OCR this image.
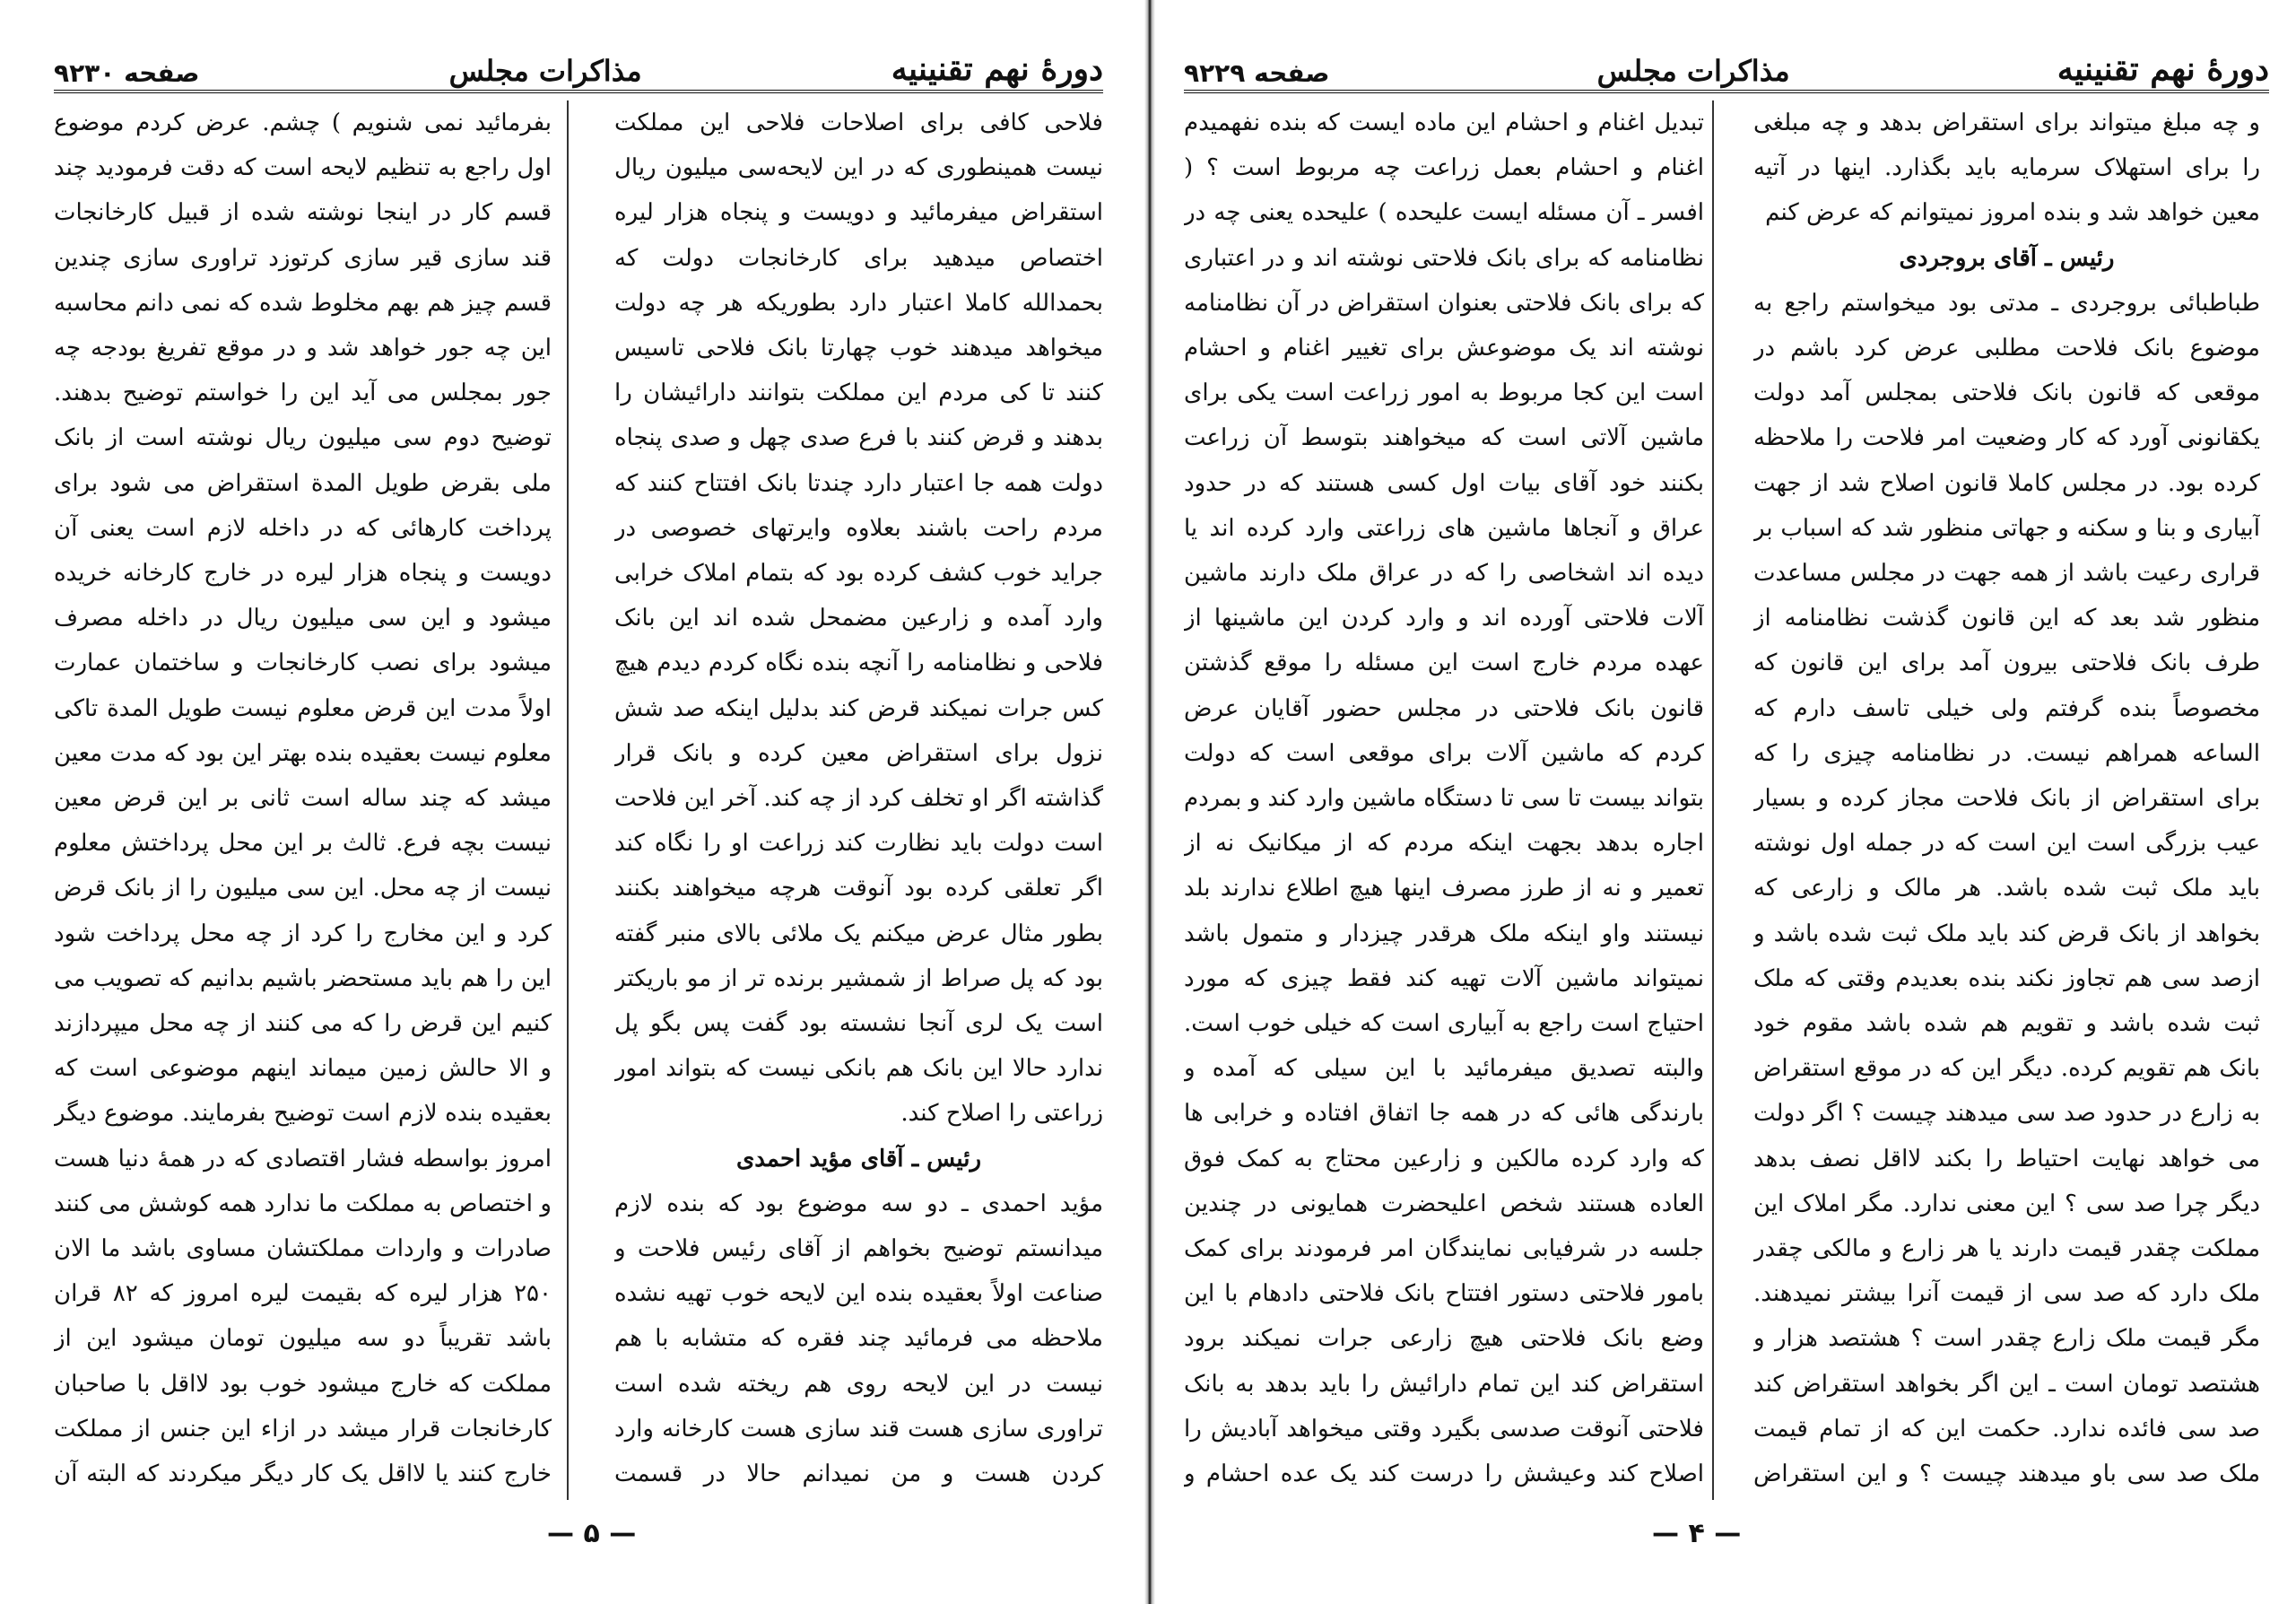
دورهٔ نهم تقنینیه
مذاکرات مجلس
صفحه ۹۲۳۰

فلاحی کافی برای اصلاحات فلاحی این مملکت نیست همینطوری که در این لایحه‌سی میلیون ریال استقراض میفرمائید و دویست و پنجاه هزار لیره اختصاص میدهید برای کارخانجات دولت که بحمدالله کاملا اعتبار دارد بطوریکه هر چه دولت میخواهد میدهند خوب چهارتا بانک فلاحی تاسیس کنند تا کی مردم این مملکت بتوانند دارائیشان را بدهند و قرض کنند با فرع صدی چهل و صدی پنجاه دولت همه جا اعتبار دارد چندتا بانک افتتاح کنند که مردم راحت باشند بعلاوه وایرتهای خصوصی در جراید خوب کشف کرده بود که بتمام املاک خرابی وارد آمده و زارعین مضمحل شده اند این بانک فلاحی و نظامنامه را آنچه بنده نگاه کردم دیدم هیچ کس جرات نمیکند قرض کند بدلیل اینکه صد شش نزول برای استقراض معین کرده و بانک قرار گذاشته اگر او تخلف کرد از چه کند. آخر این فلاحت است دولت باید نظارت کند زراعت او را نگاه کند اگر تعلقی کرده بود آنوقت هرچه میخواهند بکنند بطور مثال عرض میکنم یک ملائی بالای منبر گفته بود که پل صراط از شمشیر برنده تر از مو باریکتر است یک لری آنجا نشسته بود گفت پس بگو پل ندارد حالا این بانک هم بانکی نیست که بتواند امور زراعتی را اصلاح کند.

رئیس ـ آقای مؤید احمدی

مؤید احمدی ـ دو سه موضوع بود که بنده لازم میدانستم توضیح بخواهم از آقای رئیس فلاحت و صناعت اولاً بعقیده بنده این لایحه خوب تهیه نشده ملاحظه می فرمائید چند فقره که متشابه با هم نیست در این لایحه روی هم ریخته شده است تراوری سازی هست قند سازی هست کارخانه وارد کردن هست و من نمیدانم حالا در قسمت

بفرمائید نمی شنویم ) چشم. عرض کردم موضوع اول راجع به تنظیم لایحه است که دقت فرمودید چند قسم کار در اینجا نوشته شده از قبیل کارخانجات قند سازی قیر سازی کرتوزد تراوری سازی چندین قسم چیز هم بهم مخلوط شده که نمی دانم محاسبه این چه جور خواهد شد و در موقع تفریغ بودجه چه جور بمجلس می آید این را خواستم توضیح بدهند. توضیح دوم سی میلیون ریال نوشته است از بانک ملی بقرض طویل المدة استقراض می شود برای پرداخت کارهائی که در داخله لازم است یعنی آن دویست و پنجاه هزار لیره در خارج کارخانه خریده میشود و این سی میلیون ریال در داخله مصرف میشود برای نصب کارخانجات و ساختمان عمارت اولاً مدت این قرض معلوم نیست طویل المدة تاکی معلوم نیست بعقیده بنده بهتر این بود که مدت معین میشد که چند ساله است ثانی بر این قرض معین نیست بچه فرع. ثالث بر این محل پرداختش معلوم نیست از چه محل. این سی میلیون را از بانک قرض کرد و این مخارج را کرد از چه محل پرداخت شود این را هم باید مستحضر باشیم بدانیم که تصویب می کنیم این قرض را که می کنند از چه محل میپردازند و الا حالش زمین میماند اینهم موضوعی است که بعقیده بنده لازم است توضیح بفرمایند. موضوع دیگر امروز بواسطه فشار اقتصادی که در همهٔ دنیا هست و اختصاص به مملکت ما ندارد همه کوشش می کنند صادرات و واردات مملکتشان مساوی باشد ما الان ۲۵۰ هزار لیره که بقیمت لیره امروز که ۸۲ قران باشد تقریباً دو سه میلیون تومان میشود این از مملکت که خارج میشود خوب بود لااقل با صاحبان کارخانجات قرار میشد در ازاء این جنس از مملکت خارج کنند یا لااقل یک کار دیگر میکردند که البته آن

— ۵ —
دورهٔ نهم تقنینیه
مذاکرات مجلس
صفحه ۹۲۲۹

و چه مبلغ میتواند برای استقراض بدهد و چه مبلغی را برای استهلاک سرمایه باید بگذارد. اینها در آتیه معین خواهد شد و بنده امروز نمیتوانم که عرض کنم

رئیس ـ آقای بروجردی

طباطبائی بروجردی ـ مدتی بود میخواستم راجع به موضوع بانک فلاحت مطلبی عرض کرد باشم در موقعی که قانون بانک فلاحتی بمجلس آمد دولت یکقانونی آورد که کار وضعیت امر فلاحت را ملاحظه کرده بود. در مجلس کاملا قانون اصلاح شد از جهت آبیاری و بنا و سکنه و جهاتی منظور شد که اسباب بر قراری رعیت باشد از همه جهت در مجلس مساعدت منظور شد بعد که این قانون گذشت نظامنامه از طرف بانک فلاحتی بیرون آمد برای این قانون که مخصوصاً بنده گرفتم ولی خیلی تاسف دارم که الساعه همراهم نیست. در نظامنامه چیزی را که برای استقراض از بانک فلاحت مجاز کرده و بسیار عیب بزرگی است این است که در جمله اول نوشته باید ملک ثبت شده باشد. هر مالک و زارعی که بخواهد از بانک قرض کند باید ملک ثبت شده باشد و ازصد سی هم تجاوز نکند بنده بعدیدم وقتی که ملک ثبت شده باشد و تقویم هم شده باشد مقوم خود بانک هم تقویم کرده. دیگر این که در موقع استقراض به زارع در حدود صد سی میدهند چیست ؟ اگر دولت می خواهد نهایت احتیاط را بکند لااقل نصف بدهد دیگر چرا صد سی ؟ این معنی ندارد. مگر املاک این مملکت چقدر قیمت دارند یا هر زارع و مالکی چقدر ملک دارد که صد سی از قیمت آنرا بیشتر نمیدهند. مگر قیمت ملک زارع چقدر است ؟ هشتصد هزار و هشتصد تومان است ـ این اگر بخواهد استقراض کند صد سی فائده ندارد. حکمت این که از تمام قیمت ملک صد سی باو میدهند چیست ؟ و این استقراض

تبدیل اغنام و احشام این ماده ایست که بنده نفهمیدم اغنام و احشام بعمل زراعت چه مربوط است ؟ ( افسر ـ آن مسئله ایست علیحده ) علیحده یعنی چه در نظامنامه که برای بانک فلاحتی نوشته اند و در اعتباری که برای بانک فلاحتی بعنوان استقراض در آن نظامنامه نوشته اند یک موضوعش برای تغییر اغنام و احشام است این کجا مربوط به امور زراعت است یکی برای ماشین آلاتی است که میخواهند بتوسط آن زراعت بکنند خود آقای بیات اول کسی هستند که در حدود عراق و آنجاها ماشین های زراعتی وارد کرده اند یا دیده اند اشخاصی را که در عراق ملک دارند ماشین آلات فلاحتی آورده اند و وارد کردن این ماشینها از عهده مردم خارج است این مسئله را موقع گذشتن قانون بانک فلاحتی در مجلس حضور آقایان عرض کردم که ماشین آلات برای موقعی است که دولت بتواند بیست تا سی تا دستگاه ماشین وارد کند و بمردم اجاره بدهد بجهت اینکه مردم که از میکانیک نه از تعمیر و نه از طرز مصرف اینها هیچ اطلاع ندارند بلد نیستند واو اینکه ملک هرقدر چیزدار و متمول باشد نمیتواند ماشین آلات تهیه کند فقط چیزی که مورد احتیاج است راجع به آبیاری است که خیلی خوب است. والبته تصدیق میفرمائید با این سیلی که آمده و بارندگی هائی که در همه جا اتفاق افتاده و خرابی ها که وارد کرده مالکین و زارعین محتاج به کمک فوق العاده هستند شخص اعلیحضرت همایونی در چندین جلسه در شرفیابی نمایندگان امر فرمودند برای کمک بامور فلاحتی دستور افتتاح بانک فلاحتی دادهام با این وضع بانک فلاحتی هیچ زارعی جرات نمیکند برود استقراض کند این تمام دارائیش را باید بدهد به بانک فلاحتی آنوقت صدسی بگیرد وقتی میخواهد آبادیش را اصلاح کند وعیشش را درست کند یک عده احشام و

— ۴ —
